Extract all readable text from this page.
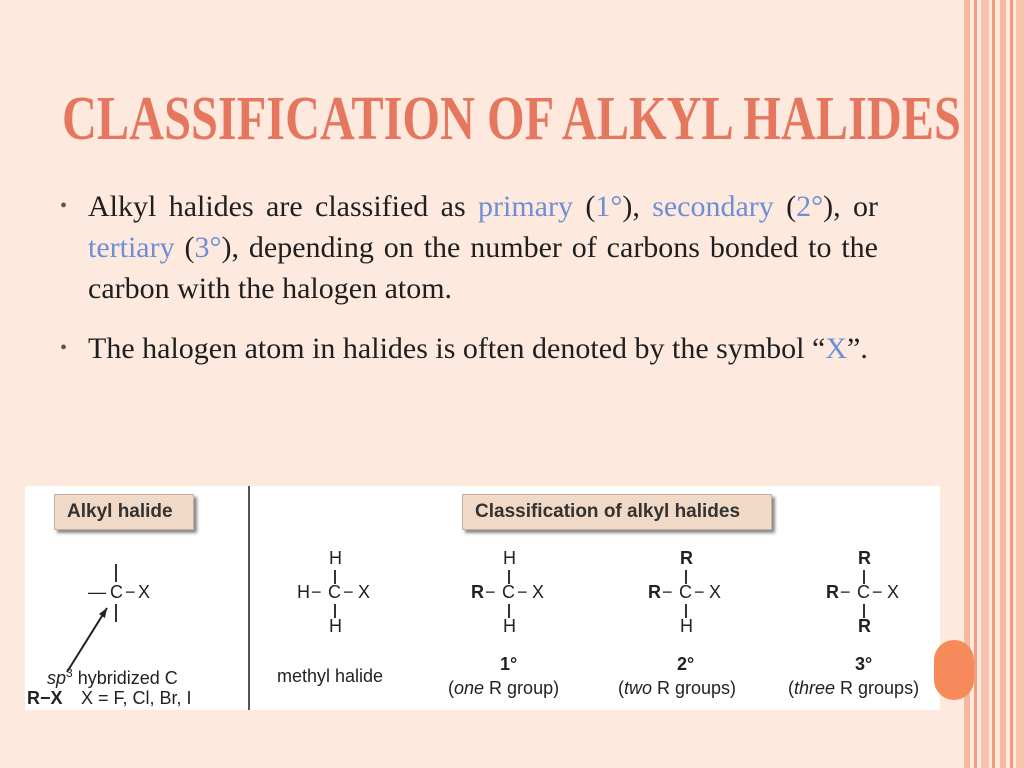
CLASSIFICATION OF ALKYL HALIDES
• Alkyl halides are classified as primary (1°), secondary (2°), or tertiary (3°), depending on the number of carbons bonded to the carbon with the halogen atom.
• The halogen atom in halides is often denoted by the symbol “X”.
Alkyl halide	Classification of alkyl halides
— C X
−
$sp^3$ hybridized C
R−X X = F, Cl, Br, I
H
H − C − X
H
methyl halide
H
R − C − X
H
1°
(one R group)
R
R − C − X
H
2°
(two R groups)
R
R − C − X
R
3°
(three R groups)
